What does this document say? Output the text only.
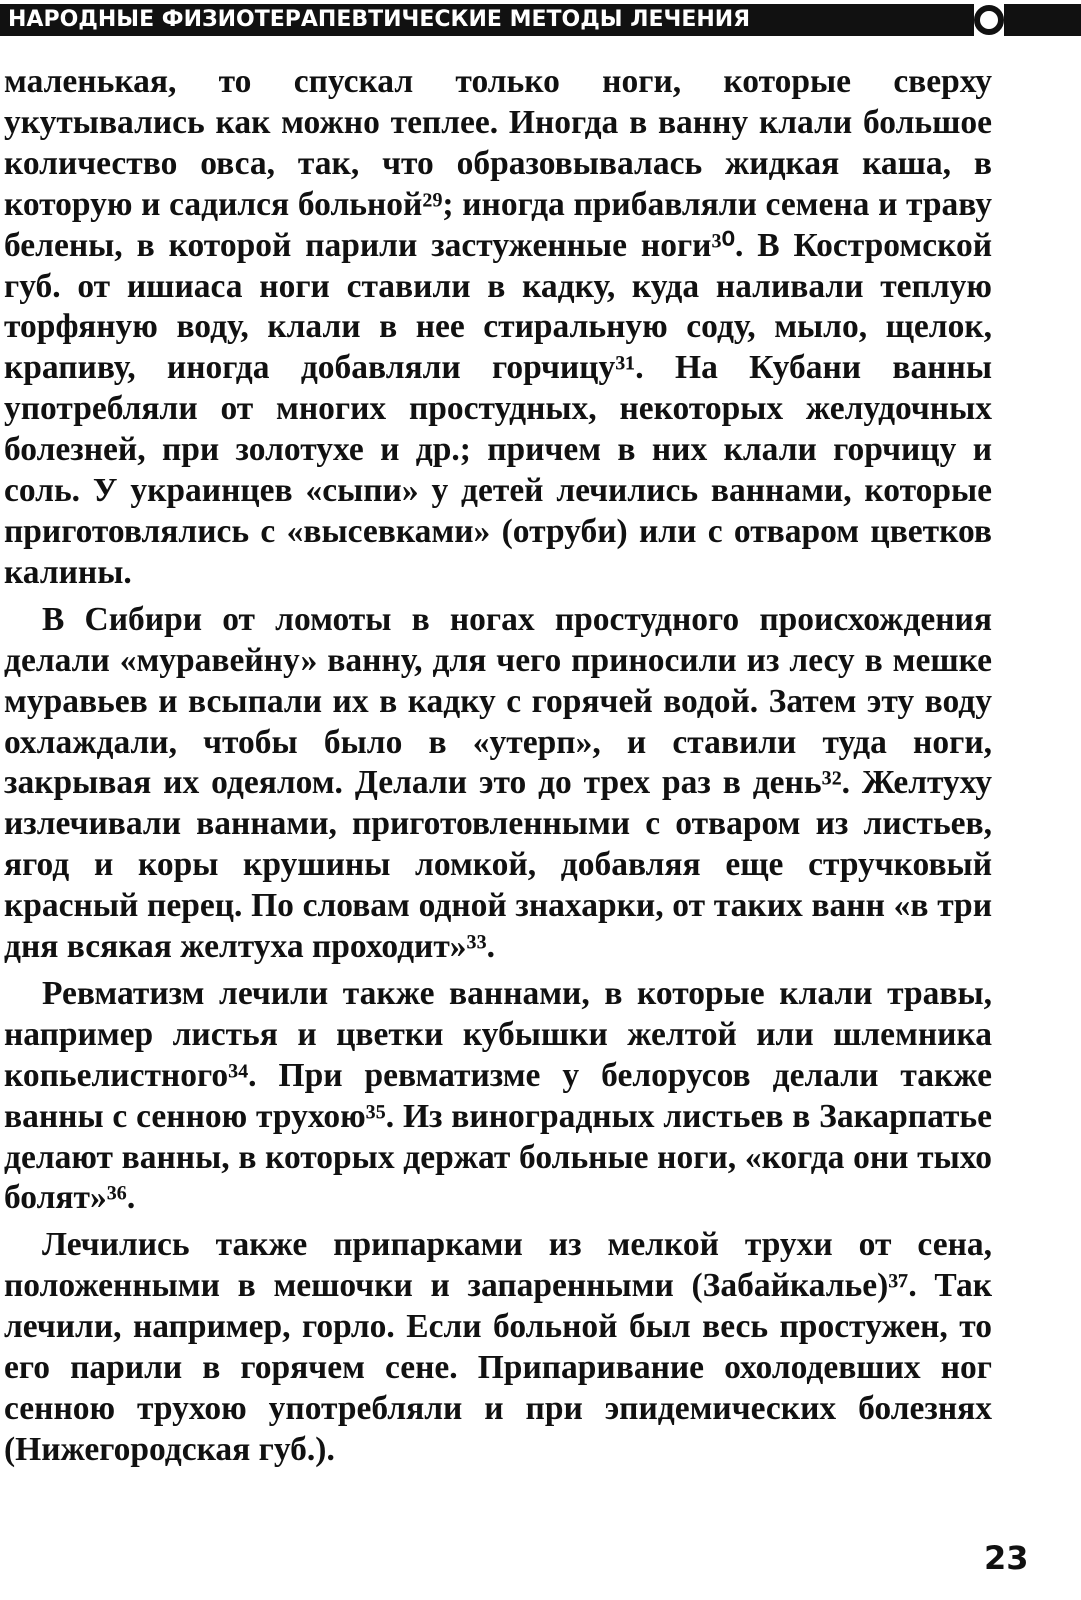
НАРОДНЫЕ ФИЗИОТЕРАПЕВТИЧЕСКИЕ МЕТОДЫ ЛЕЧЕНИЯ

маленькая, то спускал только ноги, которые сверху укутывались как можно теплее. Иногда в ванну клали большое количество овса, так, что образовывалась жидкая каша, в которую и садился больной²⁹; иногда прибавляли семена и траву белены, в которой парили застуженные ноги³⁰. В Костромской губ. от ишиаса ноги ставили в кадку, куда наливали теплую торфяную воду, клали в нее стиральную соду, мыло, щелок, крапиву, иногда добавляли горчицу³¹. На Кубани ванны употребляли от многих простудных, некоторых желудочных болезней, при золотухе и др.; причем в них клали горчицу и соль. У украинцев «сыпи» у детей лечились ваннами, которые приготовлялись с «высевками» (отруби) или с отваром цветков калины.

В Сибири от ломоты в ногах простудного происхождения делали «муравейну» ванну, для чего приносили из лесу в мешке муравьев и всыпали их в кадку с горячей водой. Затем эту воду охлаждали, чтобы было в «утерп», и ставили туда ноги, закрывая их одеялом. Делали это до трех раз в день³². Желтуху излечивали ваннами, приготовленными с отваром из листьев, ягод и коры крушины ломкой, добавляя еще стручковый красный перец. По словам одной знахарки, от таких ванн «в три дня всякая желтуха проходит»³³.

Ревматизм лечили также ваннами, в которые клали травы, например листья и цветки кубышки желтой или шлемника копьелистного³⁴. При ревматизме у белорусов делали также ванны с сенною трухою³⁵. Из виноградных листьев в Закарпатье делают ванны, в которых держат больные ноги, «когда они тыхо болят»³⁶.

Лечились также припарками из мелкой трухи от сена, положенными в мешочки и запаренными (Забайкалье)³⁷. Так лечили, например, горло. Если больной был весь простужен, то его парили в горячем сене. Припаривание охолодевших ног сенною трухою употребляли и при эпидемических болезнях (Нижегородская губ.).

23
